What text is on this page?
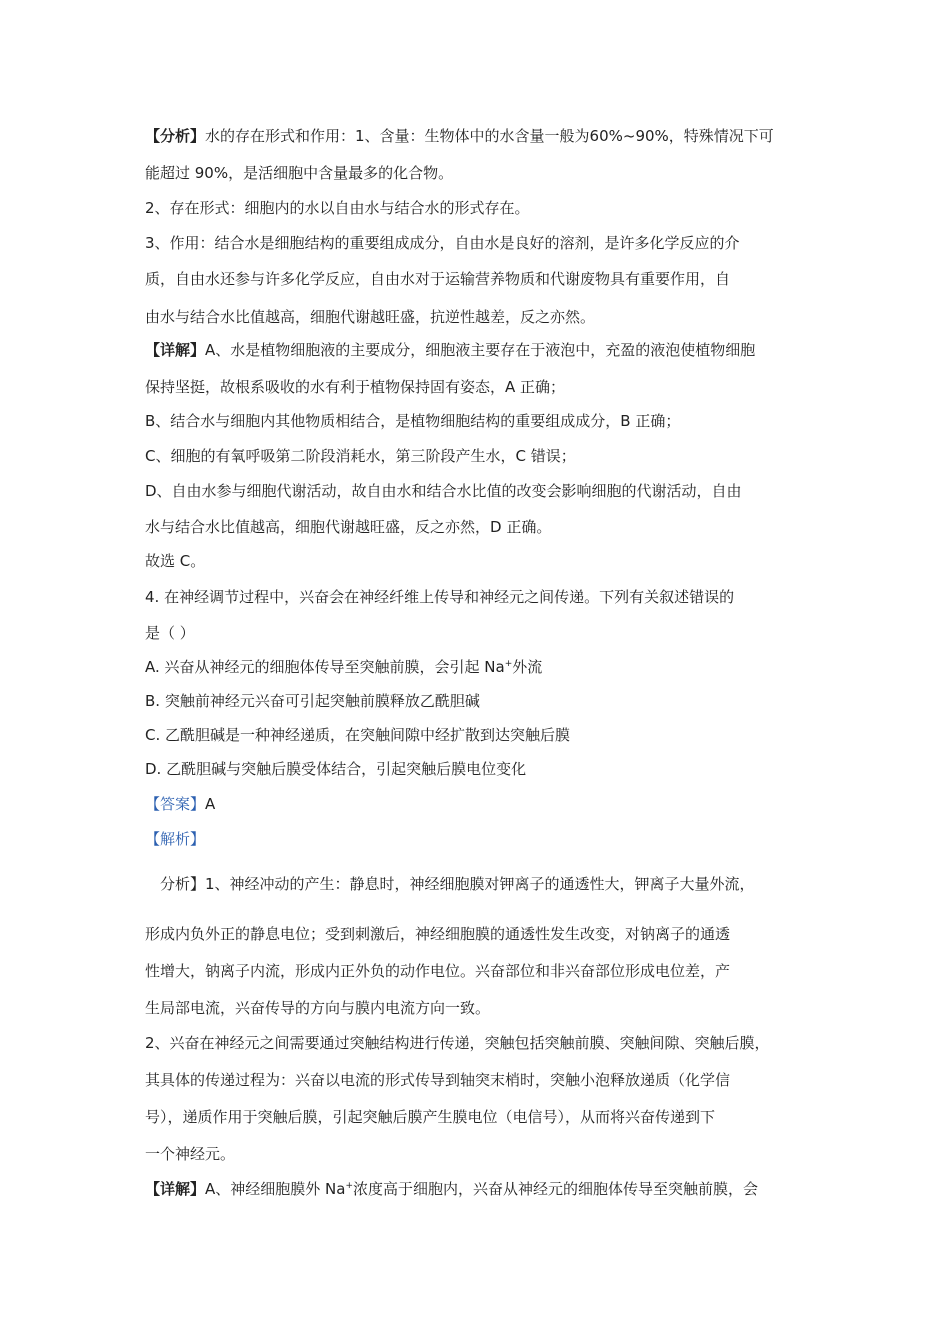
【分析】水的存在形式和作用：1、含量：生物体中的水含量一般为60%~90%，特殊情况下可
能超过 90%，是活细胞中含量最多的化合物。
2、存在形式：细胞内的水以自由水与结合水的形式存在。
3、作用：结合水是细胞结构的重要组成成分，自由水是良好的溶剂，是许多化学反应的介
质，自由水还参与许多化学反应，自由水对于运输营养物质和代谢废物具有重要作用，自
由水与结合水比值越高，细胞代谢越旺盛，抗逆性越差，反之亦然。
【详解】A、水是植物细胞液的主要成分，细胞液主要存在于液泡中，充盈的液泡使植物细胞
保持坚挺，故根系吸收的水有利于植物保持固有姿态，A 正确；
B、结合水与细胞内其他物质相结合，是植物细胞结构的重要组成成分，B 正确；
C、细胞的有氧呼吸第二阶段消耗水，第三阶段产生水，C 错误；
D、自由水参与细胞代谢活动，故自由水和结合水比值的改变会影响细胞的代谢活动，自由
水与结合水比值越高，细胞代谢越旺盛，反之亦然，D 正确。
故选 C。
4. 在神经调节过程中，兴奋会在神经纤维上传导和神经元之间传递。下列有关叙述错误的
是（ ）
A. 兴奋从神经元的细胞体传导至突触前膜，会引起 Na+外流
B. 突触前神经元兴奋可引起突触前膜释放乙酰胆碱
C. 乙酰胆碱是一种神经递质，在突触间隙中经扩散到达突触后膜
D. 乙酰胆碱与突触后膜受体结合，引起突触后膜电位变化
【答案】A
【解析】
分析】1、神经冲动的产生：静息时，神经细胞膜对钾离子的通透性大，钾离子大量外流，
形成内负外正的静息电位；受到刺激后，神经细胞膜的通透性发生改变，对钠离子的通透
性增大，钠离子内流，形成内正外负的动作电位。兴奋部位和非兴奋部位形成电位差，产
生局部电流，兴奋传导的方向与膜内电流方向一致。
2、兴奋在神经元之间需要通过突触结构进行传递，突触包括突触前膜、突触间隙、突触后膜，
其具体的传递过程为：兴奋以电流的形式传导到轴突末梢时，突触小泡释放递质（化学信
号），递质作用于突触后膜，引起突触后膜产生膜电位（电信号），从而将兴奋传递到下
一个神经元。
【详解】A、神经细胞膜外 Na+浓度高于细胞内，兴奋从神经元的细胞体传导至突触前膜，会
